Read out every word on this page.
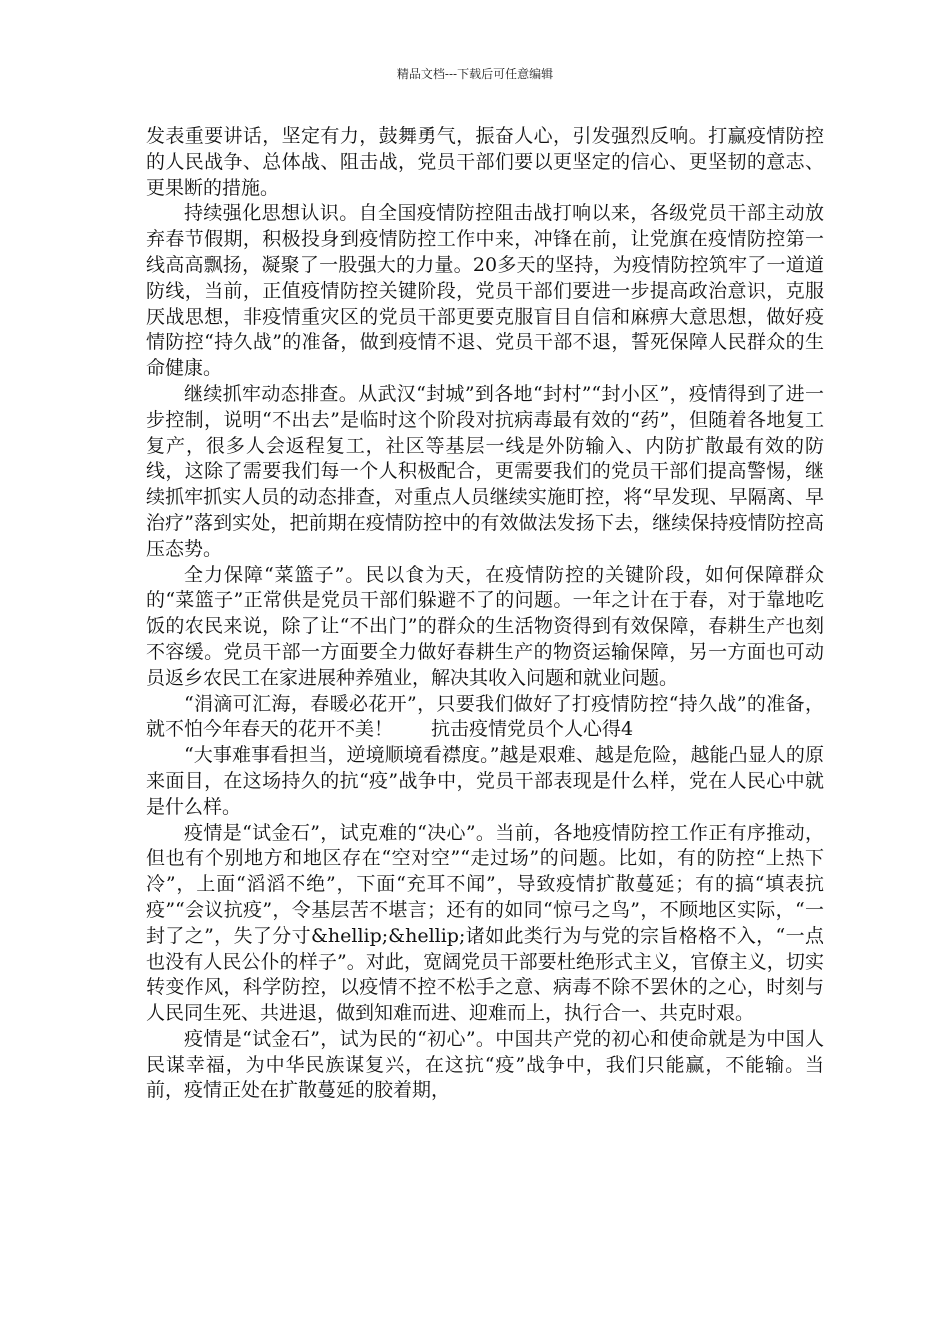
精品文档---下载后可任意编辑

发表重要讲话，坚定有力，鼓舞勇气，振奋人心，引发强烈反响。打赢疫情防控的人民战争、总体战、阻击战，党员干部们要以更坚定的信心、更坚韧的意志、更果断的措施。

持续强化思想认识。自全国疫情防控阻击战打响以来，各级党员干部主动放弃春节假期，积极投身到疫情防控工作中来，冲锋在前，让党旗在疫情防控第一线高高飘扬，凝聚了一股强大的力量。20多天的坚持，为疫情防控筑牢了一道道防线，当前，正值疫情防控关键阶段，党员干部们要进一步提高政治意识，克服厌战思想，非疫情重灾区的党员干部更要克服盲目自信和麻痹大意思想，做好疫情防控“持久战”的准备，做到疫情不退、党员干部不退，誓死保障人民群众的生命健康。

继续抓牢动态排查。从武汉“封城”到各地“封村”“封小区”，疫情得到了进一步控制，说明“不出去”是临时这个阶段对抗病毒最有效的“药”，但随着各地复工复产，很多人会返程复工，社区等基层一线是外防输入、内防扩散最有效的防线，这除了需要我们每一个人积极配合，更需要我们的党员干部们提高警惕，继续抓牢抓实人员的动态排查，对重点人员继续实施盯控，将“早发现、早隔离、早治疗”落到实处，把前期在疫情防控中的有效做法发扬下去，继续保持疫情防控高压态势。

全力保障“菜篮子”。民以食为天，在疫情防控的关键阶段，如何保障群众的“菜篮子”正常供是党员干部们躲避不了的问题。一年之计在于春，对于靠地吃饭的农民来说，除了让“不出门”的群众的生活物资得到有效保障，春耕生产也刻不容缓。党员干部一方面要全力做好春耕生产的物资运输保障，另一方面也可动员返乡农民工在家进展种养殖业，解决其收入问题和就业问题。

“涓滴可汇海，春暖必花开”，只要我们做好了打疫情防控“持久战”的准备，就不怕今年春天的花开不美！　　抗击疫情党员个人心得4

“大事难事看担当，逆境顺境看襟度。”越是艰难、越是危险，越能凸显人的原来面目，在这场持久的抗“疫”战争中，党员干部表现是什么样，党在人民心中就是什么样。

疫情是“试金石”，试克难的“决心”。当前，各地疫情防控工作正有序推动，但也有个别地方和地区存在“空对空”“走过场”的问题。比如，有的防控“上热下冷”，上面“滔滔不绝”，下面“充耳不闻”，导致疫情扩散蔓延；有的搞“填表抗疫”“会议抗疫”，令基层苦不堪言；还有的如同“惊弓之鸟”，不顾地区实际，“一封了之”，失了分寸&hellip;&hellip;诸如此类行为与党的宗旨格格不入，“一点也没有人民公仆的样子”。对此，宽阔党员干部要杜绝形式主义，官僚主义，切实转变作风，科学防控，以疫情不控不松手之意、病毒不除不罢休的之心，时刻与人民同生死、共进退，做到知难而进、迎难而上，执行合一、共克时艰。

疫情是“试金石”，试为民的“初心”。中国共产党的初心和使命就是为中国人民谋幸福，为中华民族谋复兴，在这抗“疫”战争中，我们只能赢，不能输。当前，疫情正处在扩散蔓延的胶着期，
